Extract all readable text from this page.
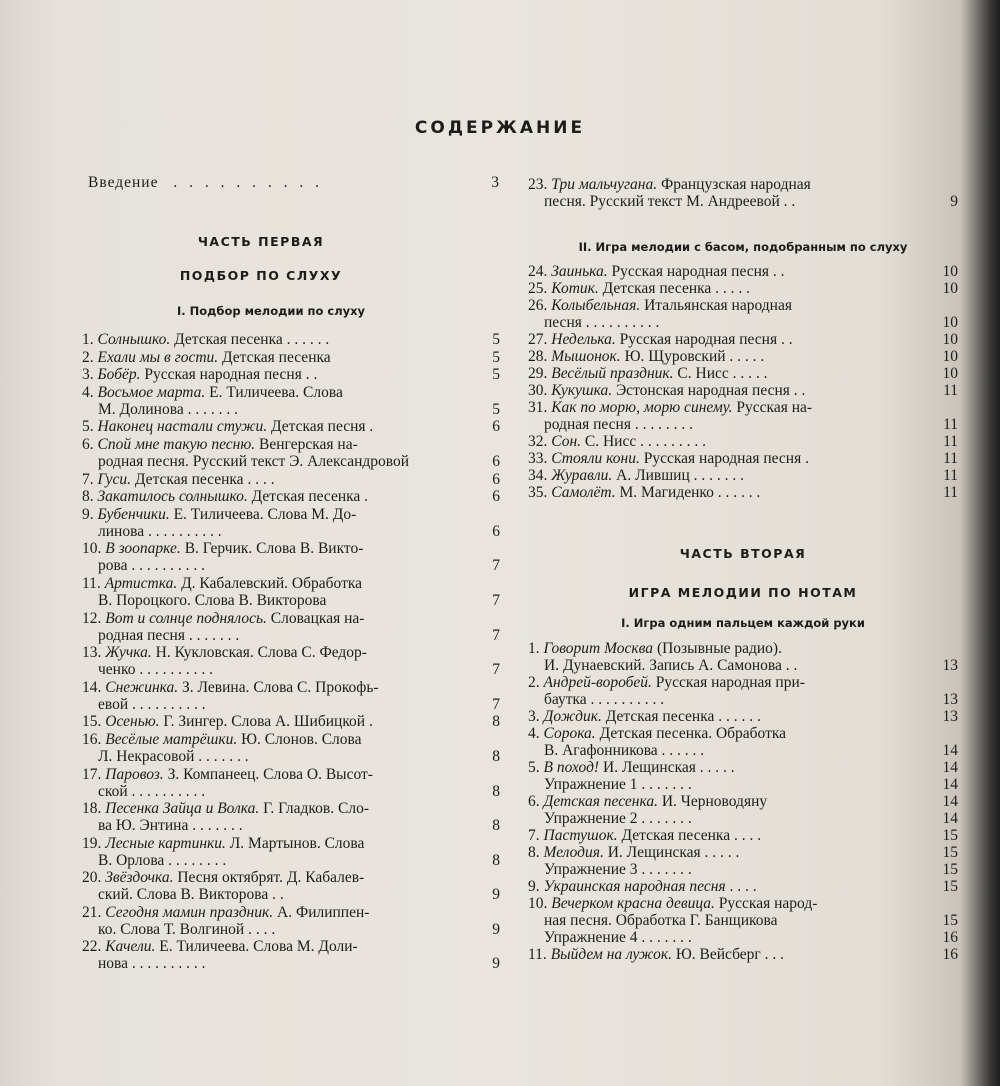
СОДЕРЖАНИЕ
Введение . . . . . . . . . .	3
ЧАСТЬ ПЕРВАЯ
ПОДБОР ПО СЛУХУ
I. Подбор мелодии по слуху
1. Солнышко. Детская песенка . . . . . .	5
2. Ехали мы в гости. Детская песенка	5
3. Бобёр. Русская народная песня . .	5
4. Восьмое марта. Е. Тиличеева. Слова
М. Долинова . . . . . . .	5
5. Наконец настали стужи. Детская песня .	6
6. Спой мне такую песню. Венгерская на-
родная песня. Русский текст Э. Александровой	6
7. Гуси. Детская песенка . . . .	6
8. Закатилось солнышко. Детская песенка .	6
9. Бубенчики. Е. Тиличеева. Слова М. До-
линова . . . . . . . . . .	6
10. В зоопарке. В. Герчик. Слова В. Викто-
рова . . . . . . . . . .	7
11. Артистка. Д. Кабалевский. Обработка
В. Пороцкого. Слова В. Викторова	7
12. Вот и солнце поднялось. Словацкая на-
родная песня . . . . . . .	7
13. Жучка. Н. Кукловская. Слова С. Федор-
ченко . . . . . . . . . .	7
14. Снежинка. З. Левина. Слова С. Прокофь-
евой . . . . . . . . . .	7
15. Осенью. Г. Зингер. Слова А. Шибицкой .	8
16. Весёлые матрёшки. Ю. Слонов. Слова
Л. Некрасовой . . . . . . .	8
17. Паровоз. З. Компанеец. Слова О. Высот-
ской . . . . . . . . . .	8
18. Песенка Зайца и Волка. Г. Гладков. Сло-
ва Ю. Энтина . . . . . . .	8
19. Лесные картинки. Л. Мартынов. Слова
В. Орлова . . . . . . . .	8
20. Звёздочка. Песня октябрят. Д. Кабалев-
ский. Слова В. Викторова . .	9
21. Сегодня мамин праздник. А. Филиппен-
ко. Слова Т. Волгиной . . . .	9
22. Качели. Е. Тиличеева. Слова М. Доли-
нова . . . . . . . . . .	9
23. Три мальчугана. Французская народная
песня. Русский текст М. Андреевой . .	9
II. Игра мелодии с басом, подобранным по слуху
24. Заинька. Русская народная песня . .	10
25. Котик. Детская песенка . . . . .	10
26. Колыбельная. Итальянская народная
песня . . . . . . . . . .	10
27. Неделька. Русская народная песня . .	10
28. Мышонок. Ю. Щуровский . . . . .	10
29. Весёлый праздник. С. Нисс . . . . .	10
30. Кукушка. Эстонская народная песня . .	11
31. Как по морю, морю синему. Русская на-
родная песня . . . . . . . .	11
32. Сон. С. Нисс . . . . . . . . .	11
33. Стояли кони. Русская народная песня .	11
34. Журавли. А. Лившиц . . . . . . .	11
35. Самолёт. М. Магиденко . . . . . .	11
ЧАСТЬ ВТОРАЯ
ИГРА МЕЛОДИИ ПО НОТАМ
I. Игра одним пальцем каждой руки
1. Говорит Москва (Позывные радио).
И. Дунаевский. Запись А. Самонова . .	13
2. Андрей-воробей. Русская народная при-
баутка . . . . . . . . . .	13
3. Дождик. Детская песенка . . . . . .	13
4. Сорока. Детская песенка. Обработка
В. Агафонникова . . . . . .	14
5. В поход! И. Лещинская . . . . .	14
Упражнение 1 . . . . . . .	14
6. Детская песенка. И. Черноводяну	14
Упражнение 2 . . . . . . .	14
7. Пастушок. Детская песенка . . . .	15
8. Мелодия. И. Лещинская . . . . .	15
Упражнение 3 . . . . . . .	15
9. Украинская народная песня . . . .	15
10. Вечерком красна девица. Русская народ-
ная песня. Обработка Г. Банщикова	15
Упражнение 4 . . . . . . .	16
11. Выйдем на лужок. Ю. Вейсберг . . .	16
